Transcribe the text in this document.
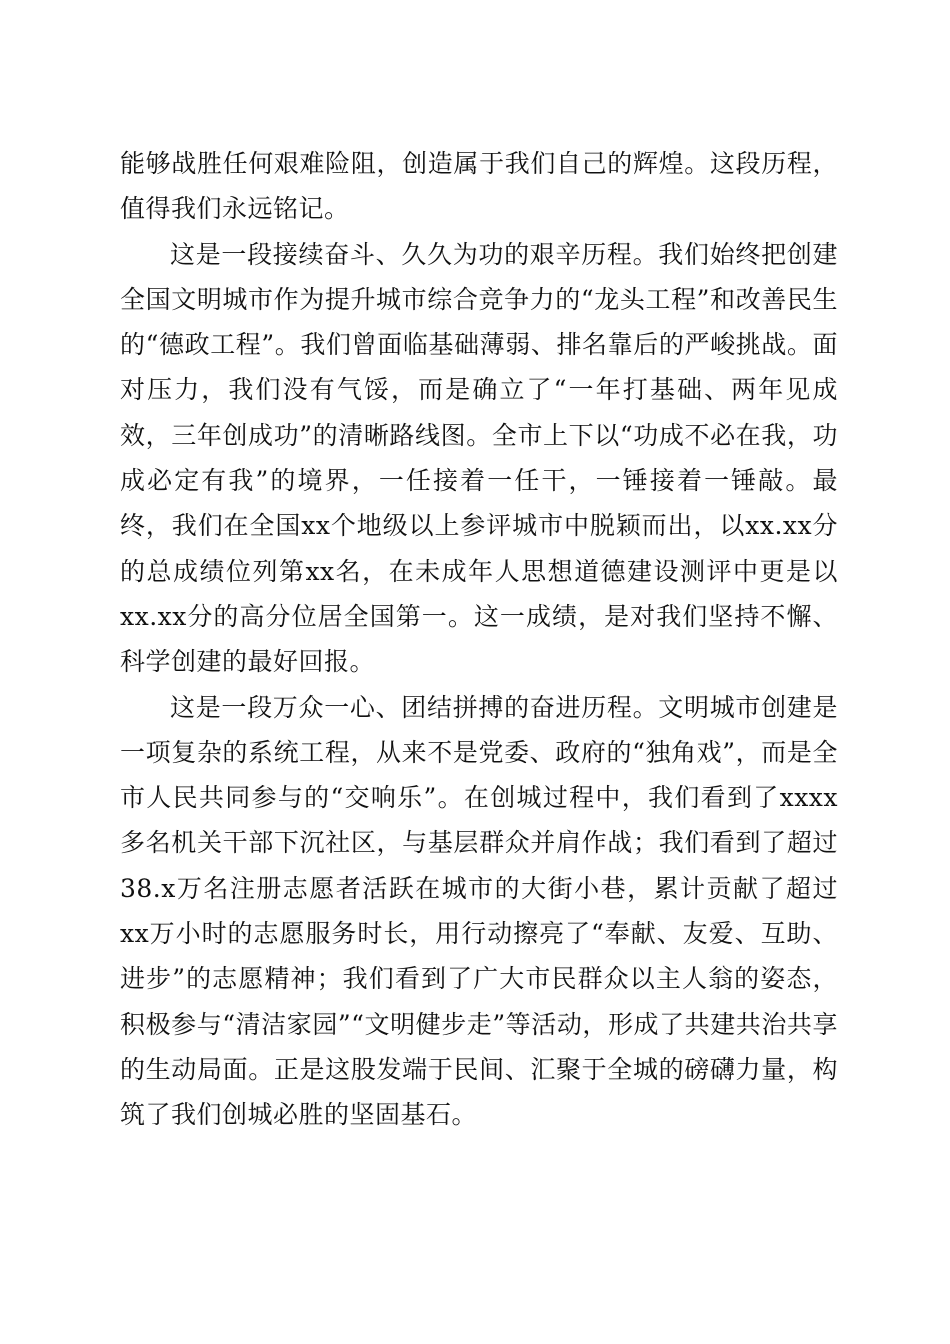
能够战胜任何艰难险阻，创造属于我们自己的辉煌。这段历程，值得我们永远铭记。

这是一段接续奋斗、久久为功的艰辛历程。我们始终把创建全国文明城市作为提升城市综合竞争力的“龙头工程”和改善民生的“德政工程”。我们曾面临基础薄弱、排名靠后的严峻挑战。面对压力，我们没有气馁，而是确立了“一年打基础、两年见成效，三年创成功”的清晰路线图。全市上下以“功成不必在我，功成必定有我”的境界，一任接着一任干，一锤接着一锤敲。最终，我们在全国xx个地级以上参评城市中脱颖而出，以xx.xx分的总成绩位列第xx名，在未成年人思想道德建设测评中更是以xx.xx分的高分位居全国第一。这一成绩，是对我们坚持不懈、科学创建的最好回报。

这是一段万众一心、团结拼搏的奋进历程。文明城市创建是一项复杂的系统工程，从来不是党委、政府的“独角戏”，而是全市人民共同参与的“交响乐”。在创城过程中，我们看到了xxxx多名机关干部下沉社区，与基层群众并肩作战；我们看到了超过38.x万名注册志愿者活跃在城市的大街小巷，累计贡献了超过xx万小时的志愿服务时长，用行动擦亮了“奉献、友爱、互助、进步”的志愿精神；我们看到了广大市民群众以主人翁的姿态，积极参与“清洁家园”“文明健步走”等活动，形成了共建共治共享的生动局面。正是这股发端于民间、汇聚于全城的磅礴力量，构筑了我们创城必胜的坚固基石。
